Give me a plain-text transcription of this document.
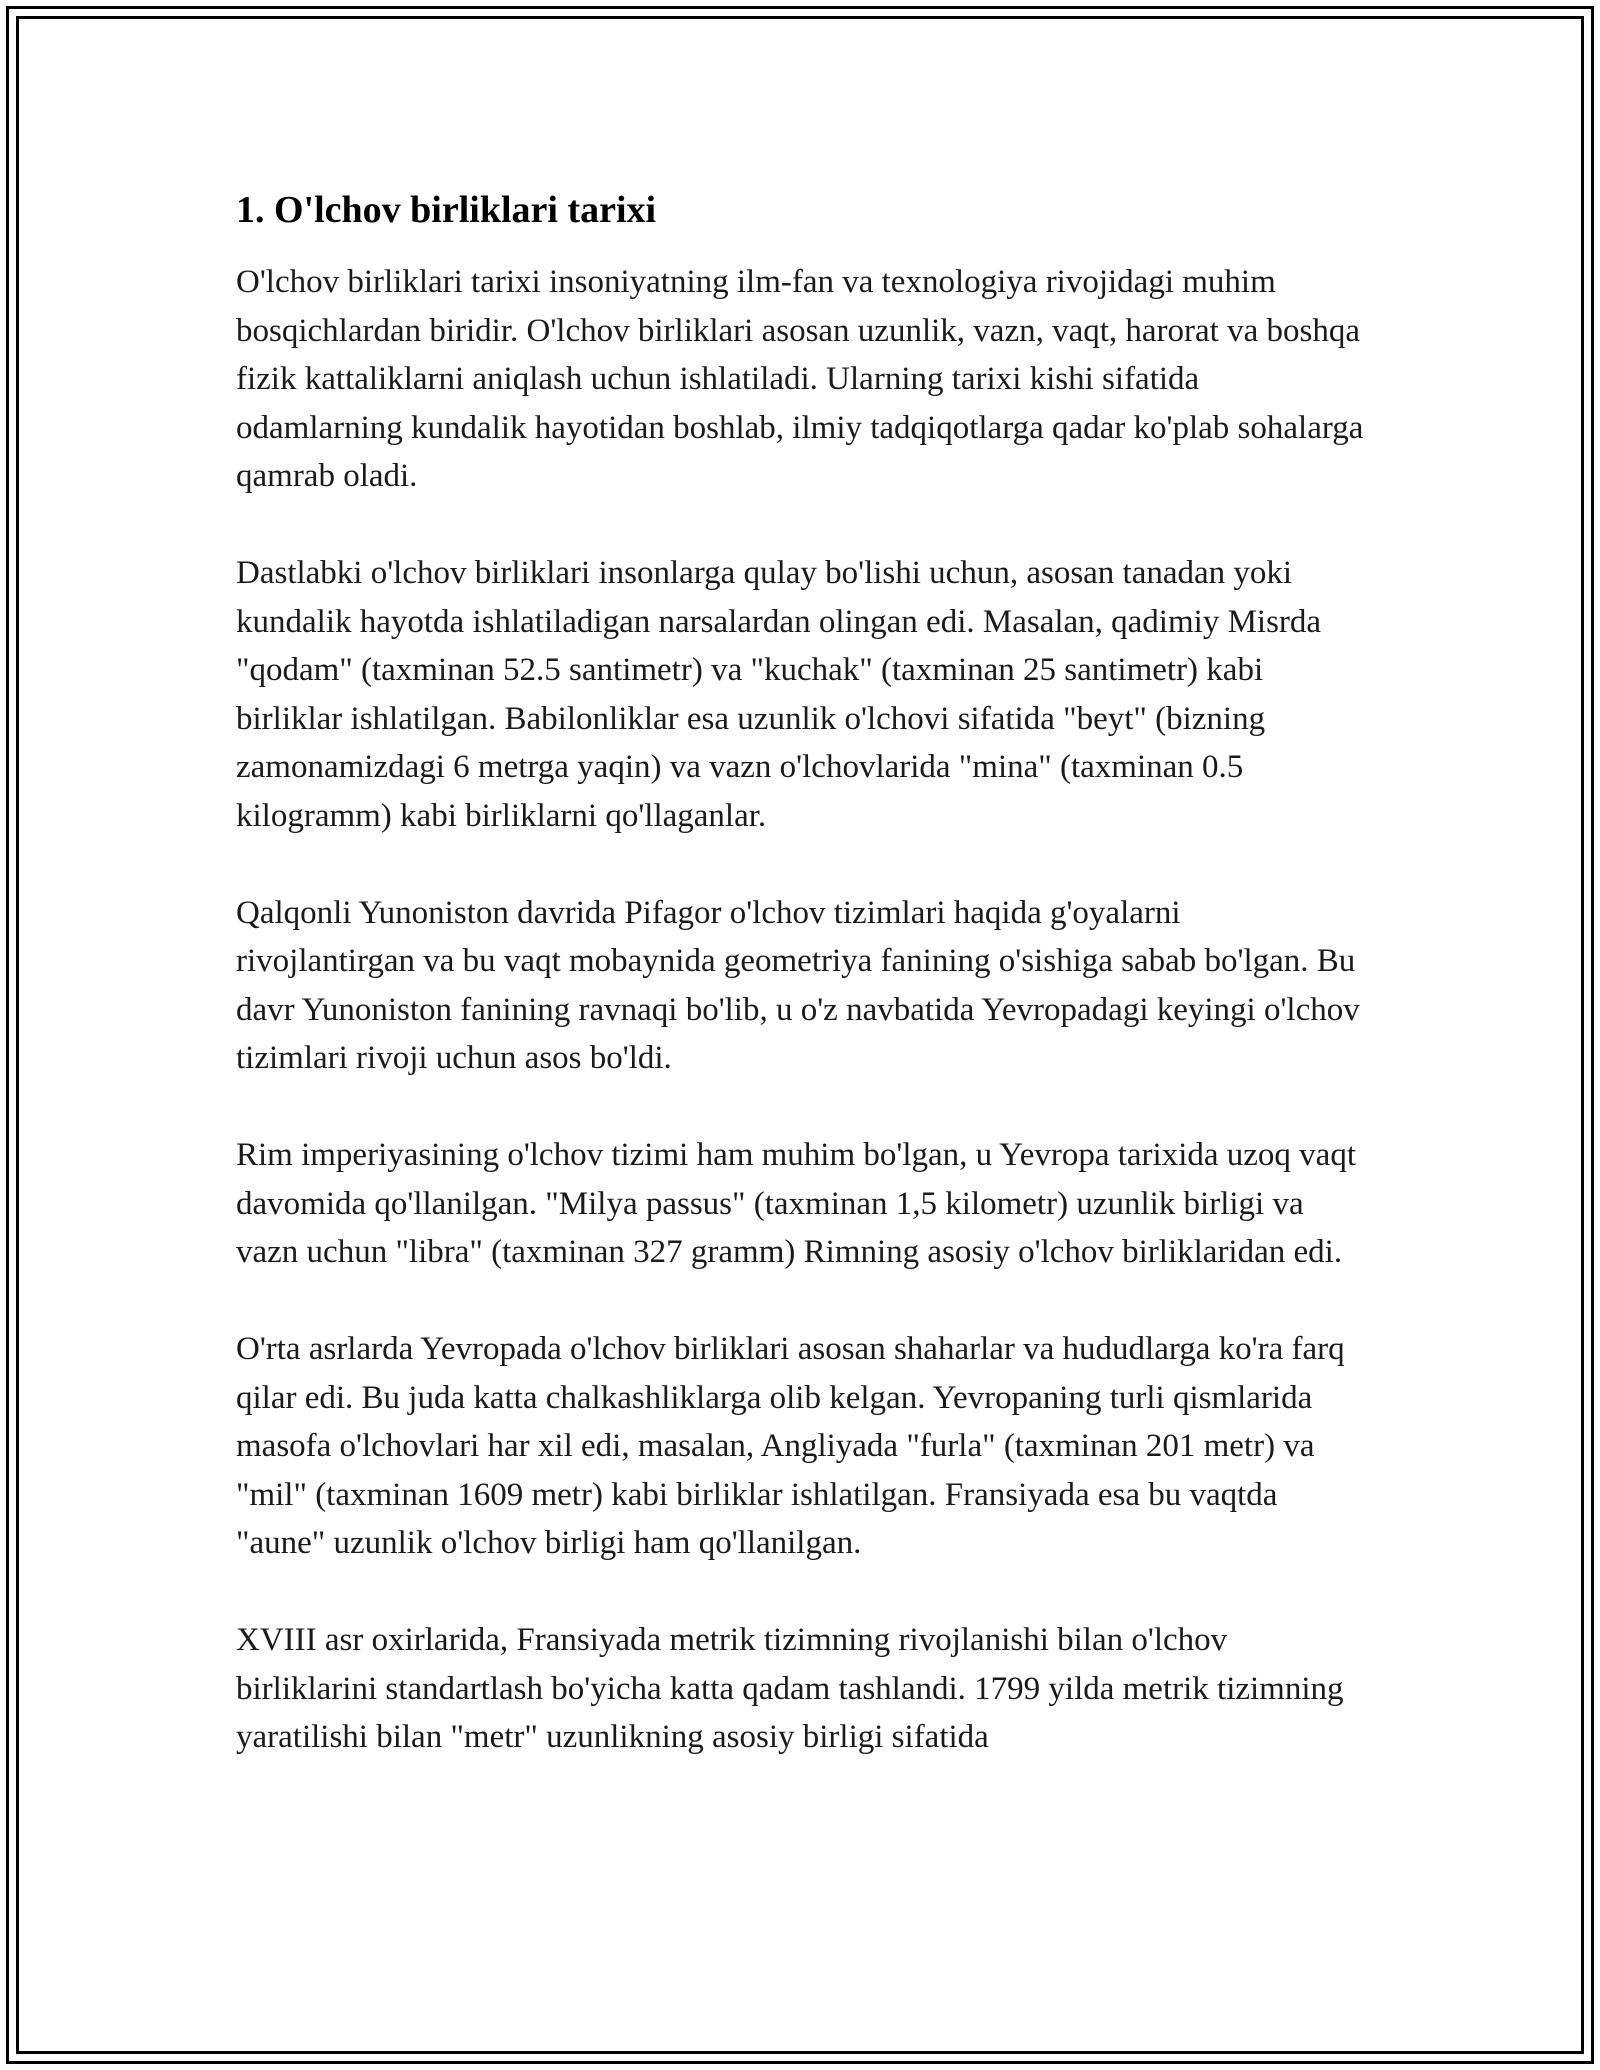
1. O'lchov birliklari tarixi

O'lchov birliklari tarixi insoniyatning ilm-fan va texnologiya rivojidagi muhim bosqichlardan biridir. O'lchov birliklari asosan uzunlik, vazn, vaqt, harorat va boshqa fizik kattaliklarni aniqlash uchun ishlatiladi. Ularning tarixi kishi sifatida odamlarning kundalik hayotidan boshlab, ilmiy tadqiqotlarga qadar ko'plab sohalarga qamrab oladi.

Dastlabki o'lchov birliklari insonlarga qulay bo'lishi uchun, asosan tanadan yoki kundalik hayotda ishlatiladigan narsalardan olingan edi. Masalan, qadimiy Misrda "qodam" (taxminan 52.5 santimetr) va "kuchak" (taxminan 25 santimetr) kabi birliklar ishlatilgan. Babilonliklar esa uzunlik o'lchovi sifatida "beyt" (bizning zamonamizdagi 6 metrga yaqin) va vazn o'lchovlarida "mina" (taxminan 0.5 kilogramm) kabi birliklarni qo'llaganlar.

Qalqonli Yunoniston davrida Pifagor o'lchov tizimlari haqida g'oyalarni rivojlantirgan va bu vaqt mobaynida geometriya fanining o'sishiga sabab bo'lgan. Bu davr Yunoniston fanining ravnaqi bo'lib, u o'z navbatida Yevropadagi keyingi o'lchov tizimlari rivoji uchun asos bo'ldi.

Rim imperiyasining o'lchov tizimi ham muhim bo'lgan, u Yevropa tarixida uzoq vaqt davomida qo'llanilgan. "Milya passus" (taxminan 1,5 kilometr) uzunlik birligi va vazn uchun "libra" (taxminan 327 gramm) Rimning asosiy o'lchov birliklaridan edi.

O'rta asrlarda Yevropada o'lchov birliklari asosan shaharlar va hududlarga ko'ra farq qilar edi. Bu juda katta chalkashliklarga olib kelgan. Yevropaning turli qismlarida masofa o'lchovlari har xil edi, masalan, Angliyada "furla" (taxminan 201 metr) va "mil" (taxminan 1609 metr) kabi birliklar ishlatilgan. Fransiyada esa bu vaqtda "aune" uzunlik o'lchov birligi ham qo'llanilgan.

XVIII asr oxirlarida, Fransiyada metrik tizimning rivojlanishi bilan o'lchov birliklarini standartlash bo'yicha katta qadam tashlandi. 1799 yilda metrik tizimning yaratilishi bilan "metr" uzunlikning asosiy birligi sifatida
